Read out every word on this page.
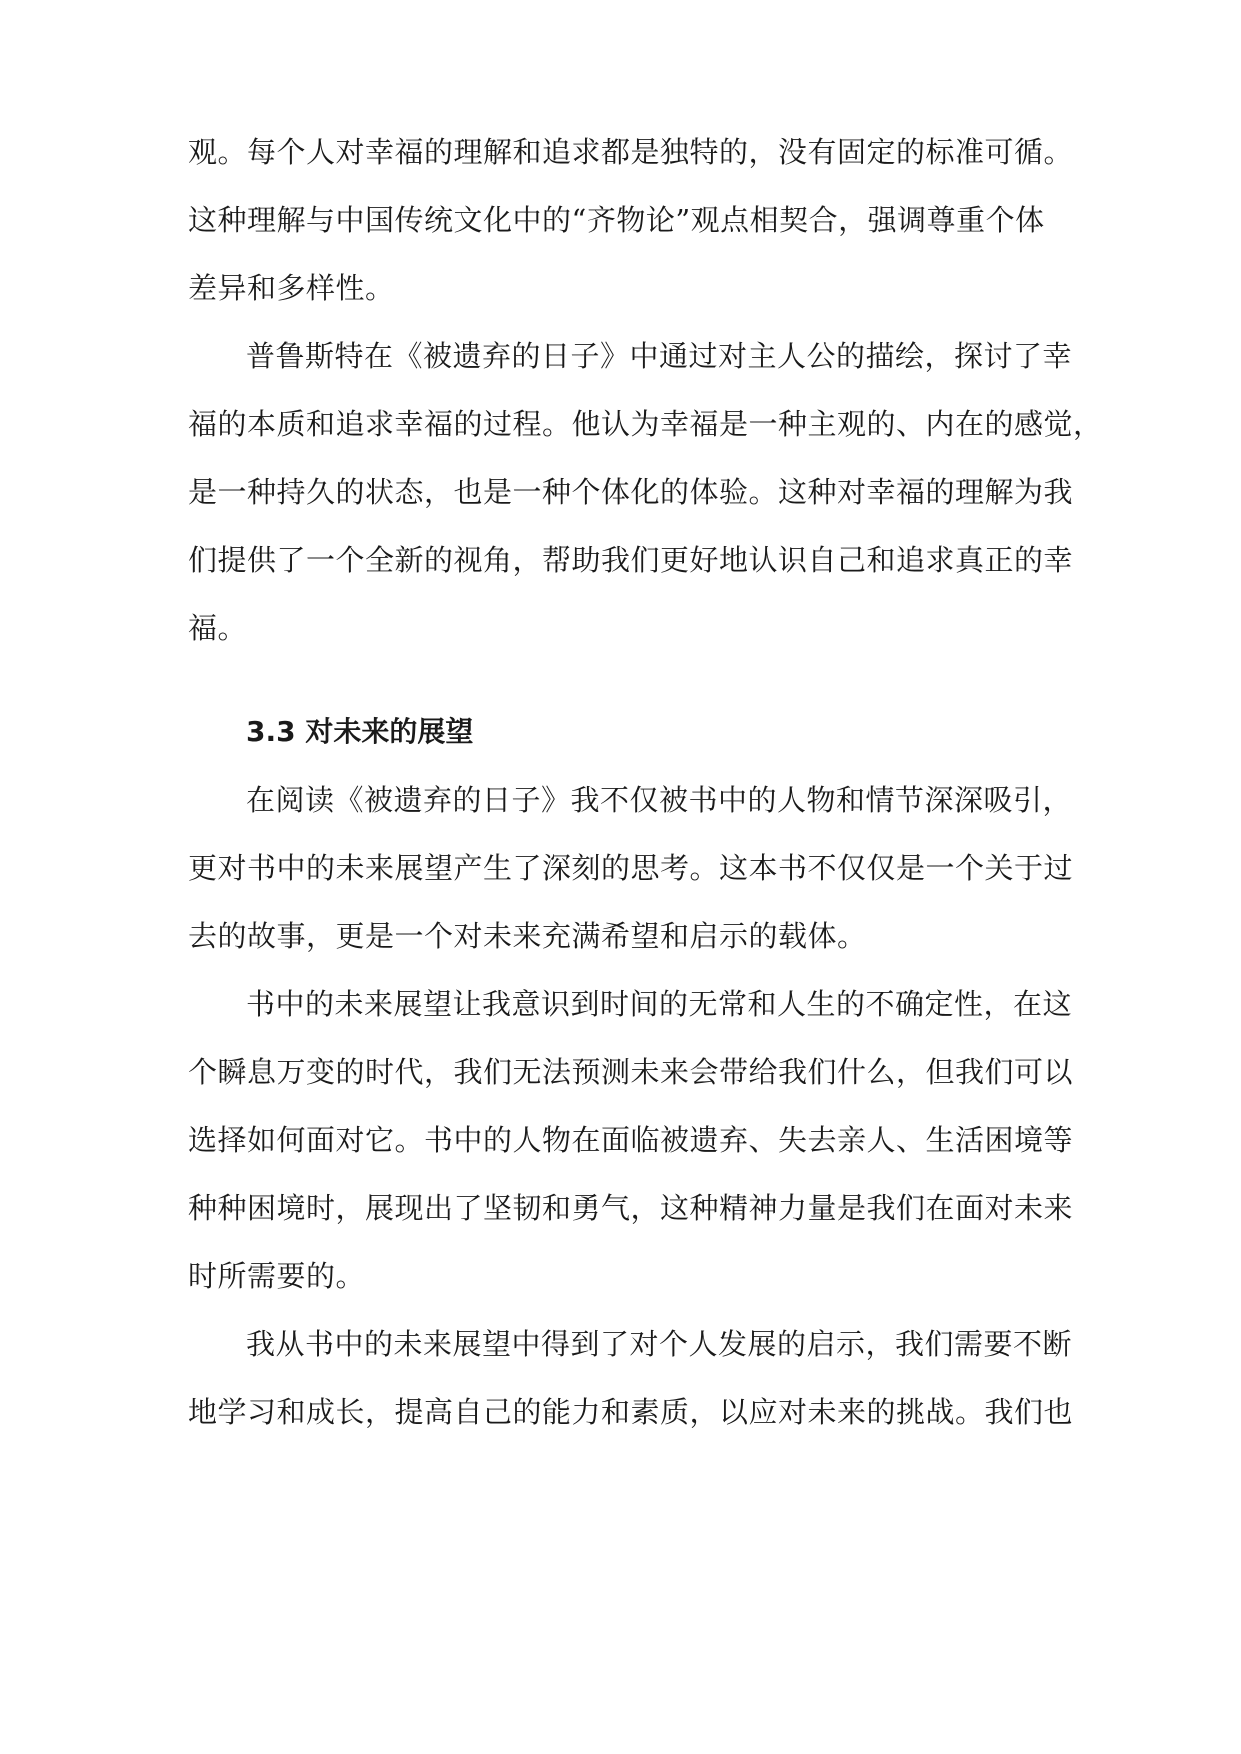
观。每个人对幸福的理解和追求都是独特的，没有固定的标准可循。
这种理解与中国传统文化中的“齐物论”观点相契合，强调尊重个体
差异和多样性。
普鲁斯特在《被遗弃的日子》中通过对主人公的描绘，探讨了幸
福的本质和追求幸福的过程。他认为幸福是一种主观的、内在的感觉，
是一种持久的状态，也是一种个体化的体验。这种对幸福的理解为我
们提供了一个全新的视角，帮助我们更好地认识自己和追求真正的幸
福。
3.3 对未来的展望
在阅读《被遗弃的日子》我不仅被书中的人物和情节深深吸引，
更对书中的未来展望产生了深刻的思考。这本书不仅仅是一个关于过
去的故事，更是一个对未来充满希望和启示的载体。
书中的未来展望让我意识到时间的无常和人生的不确定性，在这
个瞬息万变的时代，我们无法预测未来会带给我们什么，但我们可以
选择如何面对它。书中的人物在面临被遗弃、失去亲人、生活困境等
种种困境时，展现出了坚韧和勇气，这种精神力量是我们在面对未来
时所需要的。
我从书中的未来展望中得到了对个人发展的启示，我们需要不断
地学习和成长，提高自己的能力和素质，以应对未来的挑战。我们也
